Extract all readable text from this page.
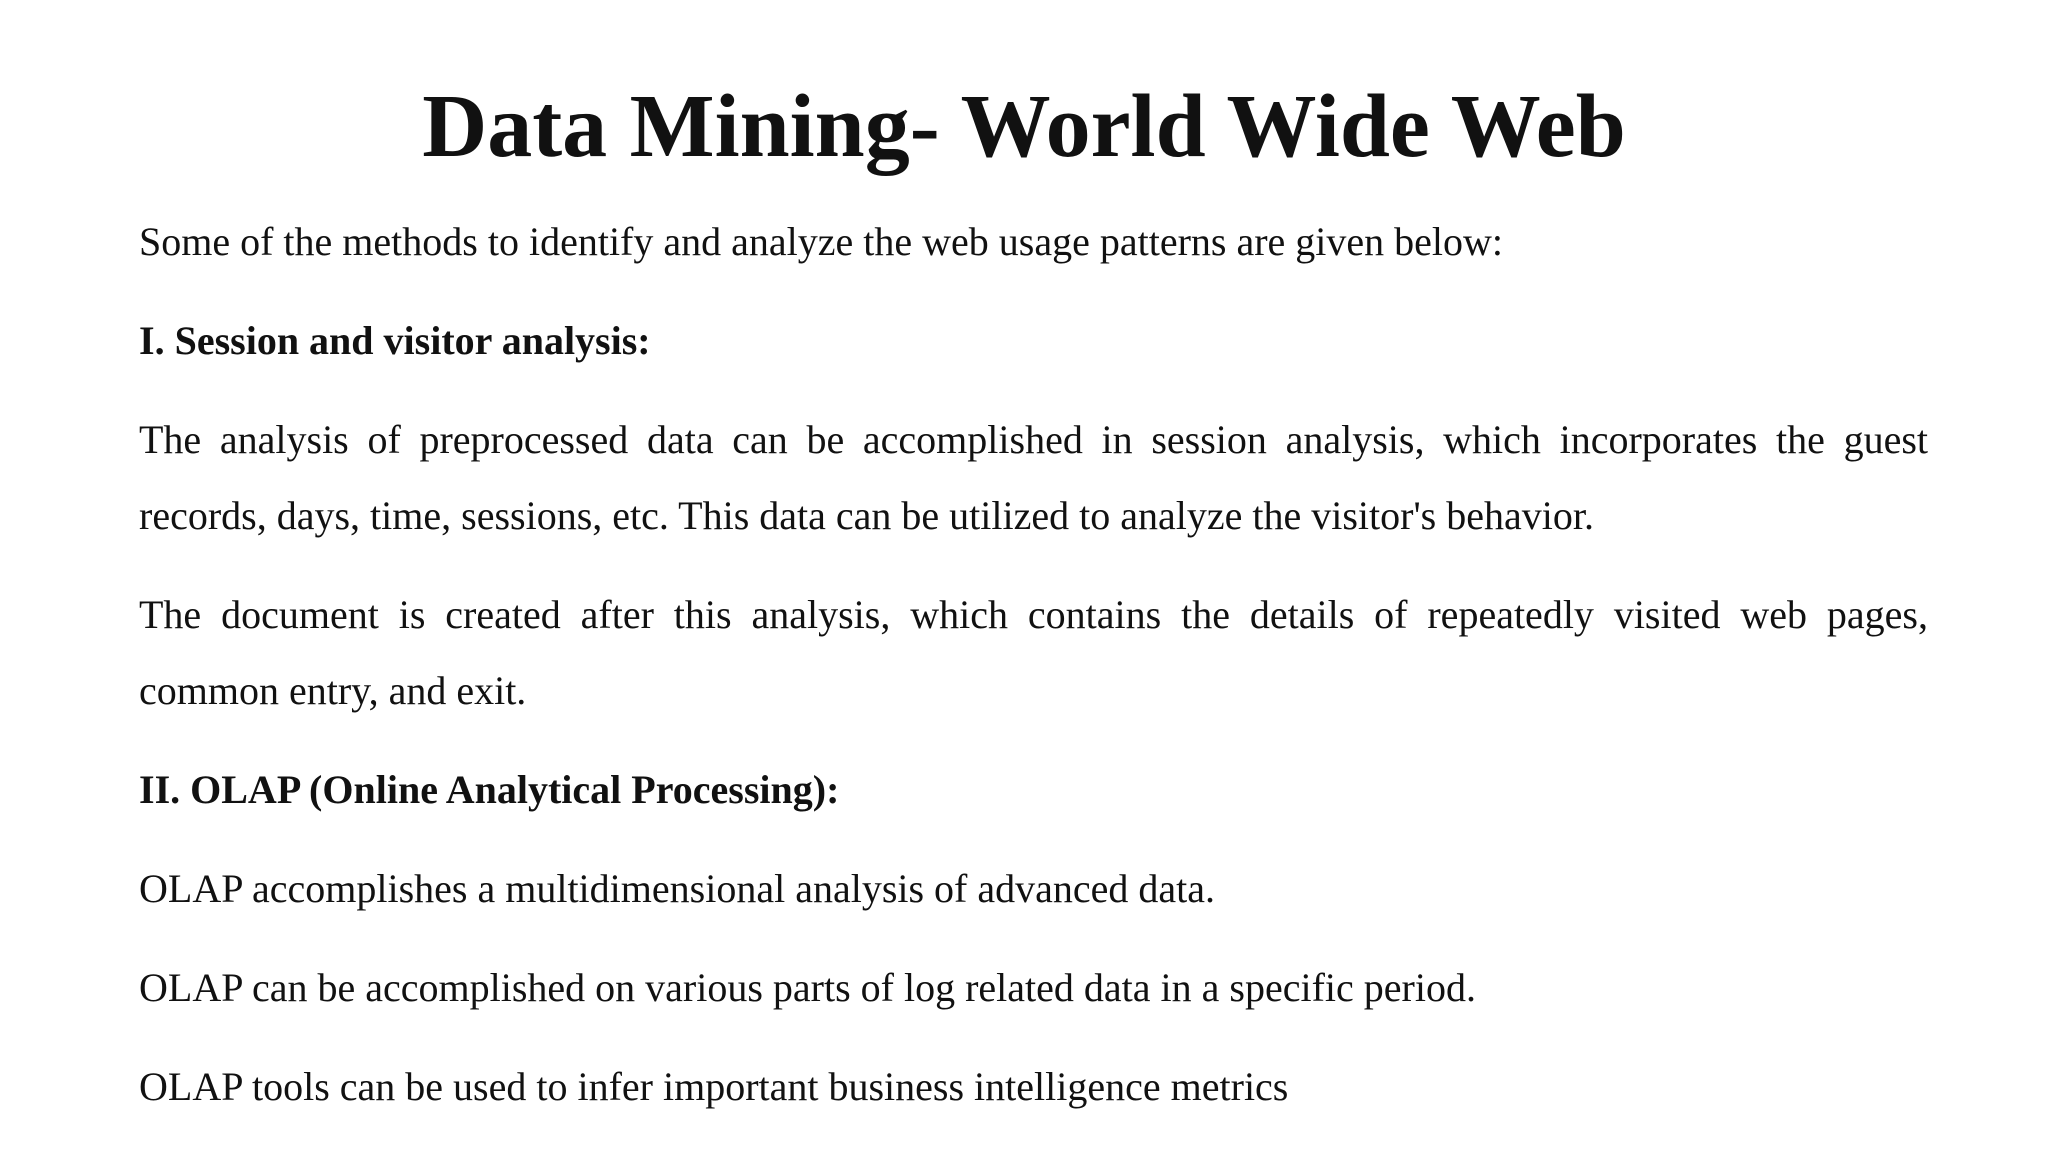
Data Mining- World Wide Web

Some of the methods to identify and analyze the web usage patterns are given below:

I. Session and visitor analysis:

The analysis of preprocessed data can be accomplished in session analysis, which incorporates the guest records, days, time, sessions, etc. This data can be utilized to analyze the visitor's behavior.

The document is created after this analysis, which contains the details of repeatedly visited web pages, common entry, and exit.

II. OLAP (Online Analytical Processing):

OLAP accomplishes a multidimensional analysis of advanced data.

OLAP can be accomplished on various parts of log related data in a specific period.

OLAP tools can be used to infer important business intelligence metrics
